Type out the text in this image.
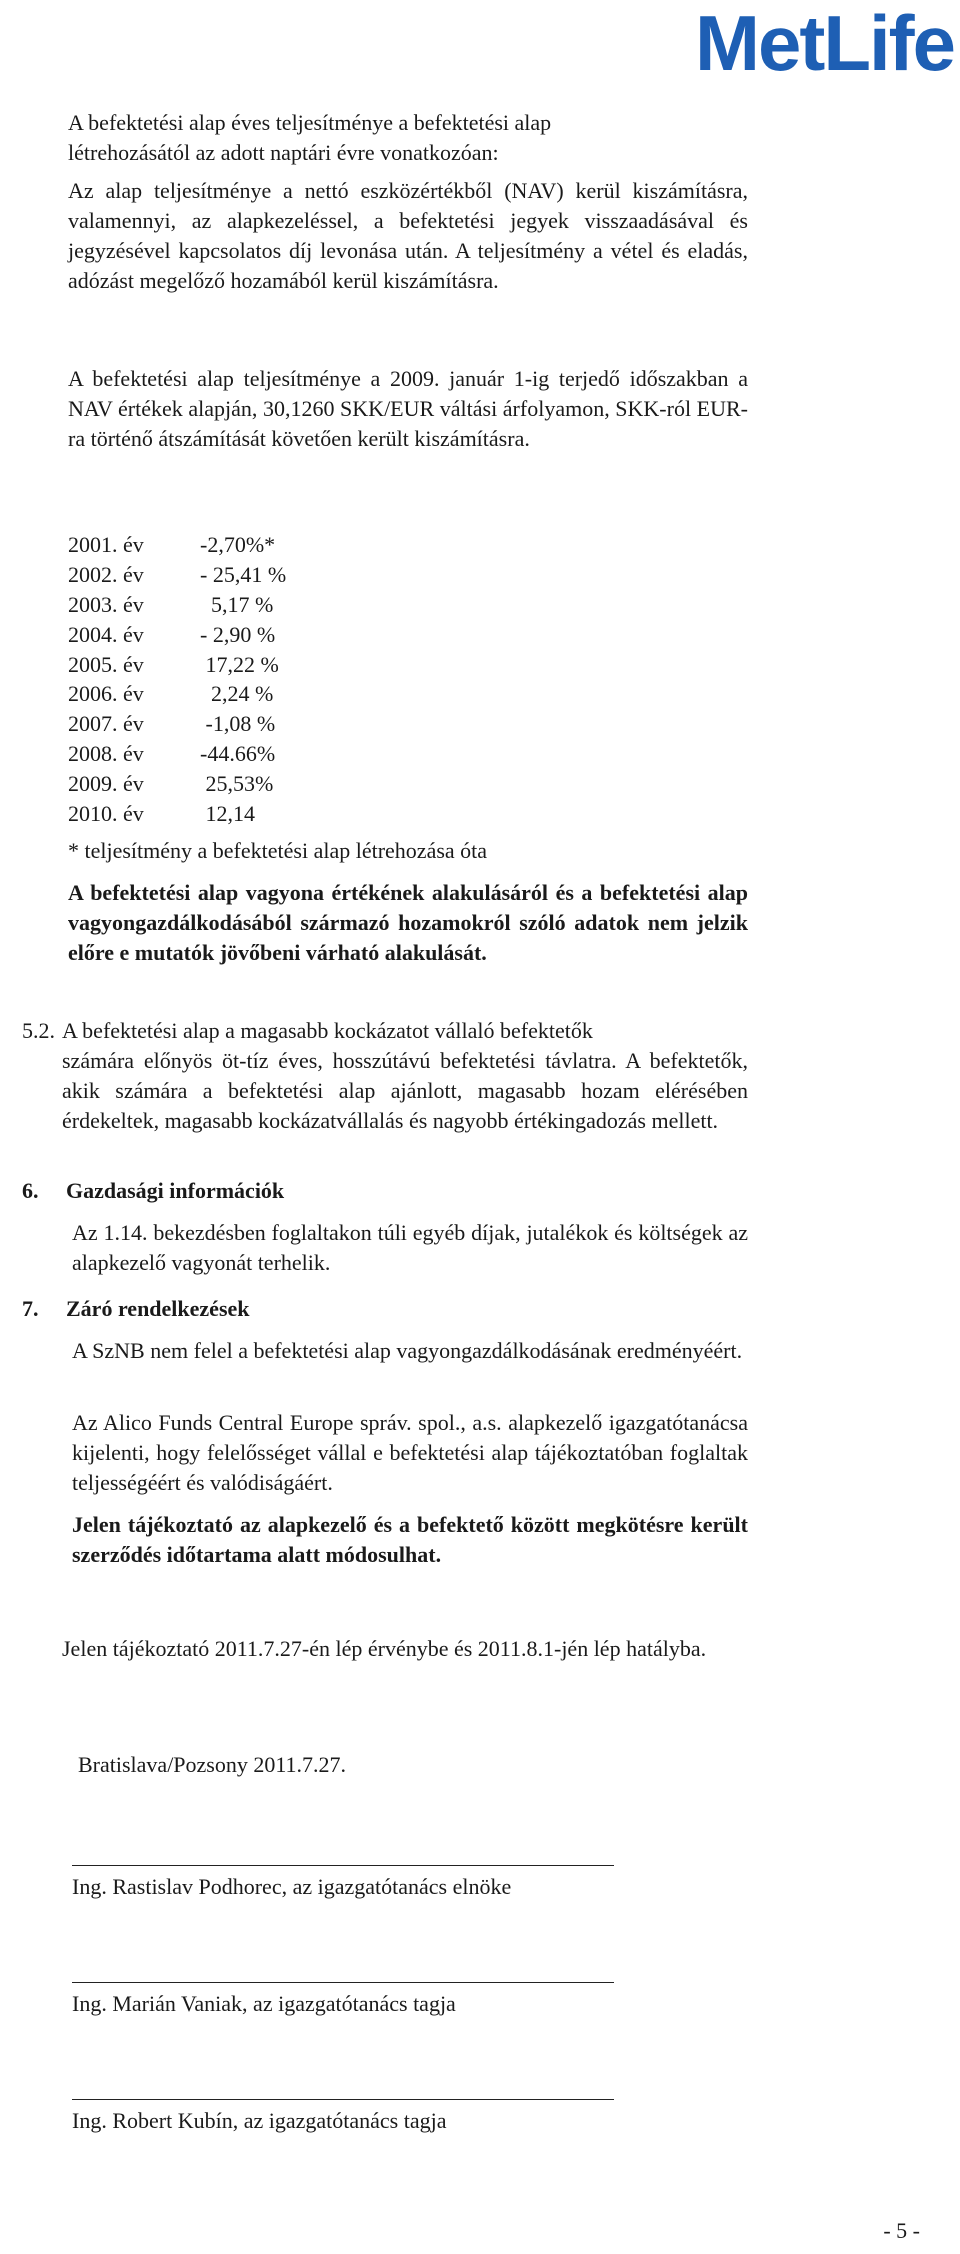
MetLife

A befektetési alap éves teljesítménye a befektetési alap

létrehozásától az adott naptári évre vonatkozóan:

Az alap teljesítménye a nettó eszközértékből (NAV) kerül kiszámításra, valamennyi, az alapkezeléssel, a befektetési jegyek visszaadásával és jegyzésével kapcsolatos díj levonása után. A teljesítmény a vétel és eladás, adózást megelőző hozamából kerül kiszámításra.

A befektetési alap teljesítménye a 2009. január 1-ig terjedő időszakban a NAV értékek alapján, 30,1260 SKK/EUR váltási árfolyamon, SKK-ról EUR-ra történő átszámítását követően került kiszámításra.

2001. év	-2,70%*
2002. év	- 25,41 %
2003. év	5,17 %
2004. év	- 2,90 %
2005. év	17,22 %
2006. év	2,24 %
2007. év	-1,08 %
2008. év	-44.66%
2009. év	25,53%
2010. év	12,14

* teljesítmény a befektetési alap létrehozása óta

A befektetési alap vagyona értékének alakulásáról és a befektetési alap vagyongazdálkodásából származó hozamokról szóló adatok nem jelzik előre e mutatók jövőbeni várható alakulását.

5.2. A befektetési alap a magasabb kockázatot vállaló befektetők

számára előnyös öt-tíz éves, hosszútávú befektetési távlatra. A befektetők, akik számára a befektetési alap ajánlott, magasabb hozam elérésében érdekeltek, magasabb kockázatvállalás és nagyobb értékingadozás mellett.

6. Gazdasági információk

Az 1.14. bekezdésben foglaltakon túli egyéb díjak, jutalékok és költségek az alapkezelő vagyonát terhelik.

7. Záró rendelkezések

A SzNB nem felel a befektetési alap vagyongazdálkodásának eredményéért.

Az Alico Funds Central Europe správ. spol., a.s. alapkezelő igazgatótanácsa kijelenti, hogy felelősséget vállal e befektetési alap tájékoztatóban foglaltak teljességéért és valódiságáért.

Jelen tájékoztató az alapkezelő és a befektető között megkötésre került szerződés időtartama alatt módosulhat.

Jelen tájékoztató 2011.7.27-én lép érvénybe és 2011.8.1-jén lép hatályba.

Bratislava/Pozsony 2011.7.27.

Ing. Rastislav Podhorec, az igazgatótanács elnöke

Ing. Marián Vaniak, az igazgatótanács tagja

Ing. Robert Kubín, az igazgatótanács tagja

- 5 -
